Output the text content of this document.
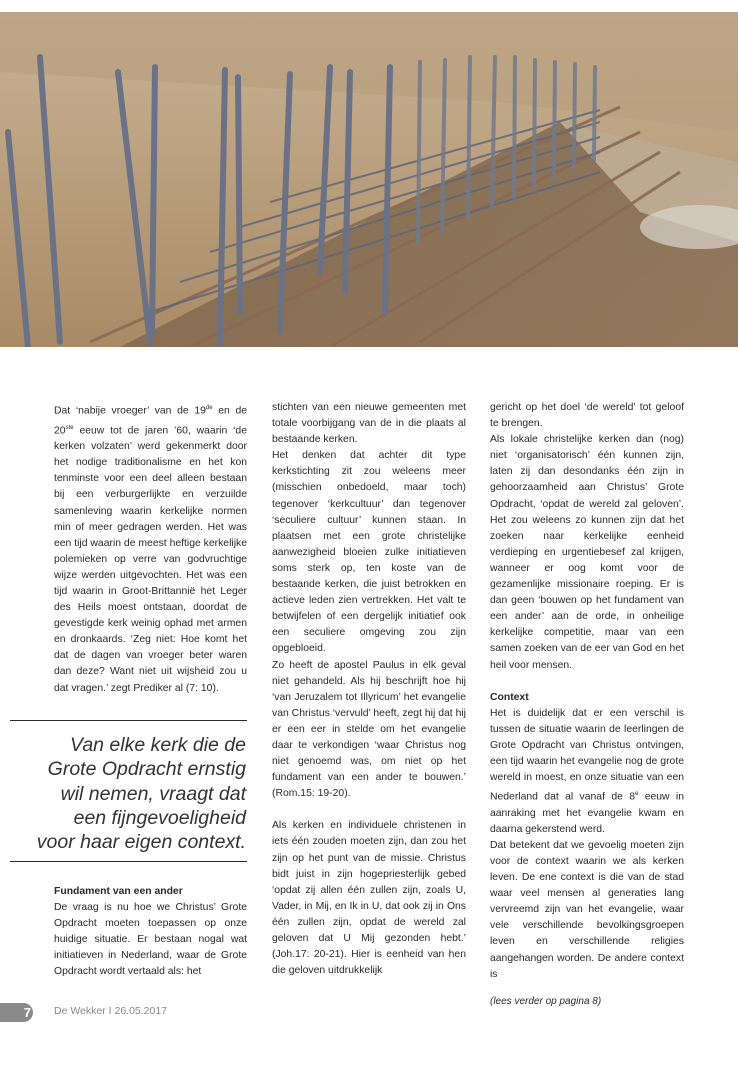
Dat ‘nabije vroeger’ van de 19de en de 20ste eeuw tot de jaren ’60, waarin ‘de kerken volzaten’ werd gekenmerkt door het nodige traditionalisme en het kon tenminste voor een deel alleen bestaan bij een verburgerlijkte en verzuilde samenleving waarin kerkelijke normen min of meer gedragen werden. Het was een tijd waarin de meest heftige kerkelijke polemieken op verre van godvruchtige wijze werden uitgevochten. Het was een tijd waarin in Groot-Brittannië het Leger des Heils moest ontstaan, doordat de gevestigde kerk weinig ophad met armen en dronkaards. ‘Zeg niet: Hoe komt het dat de dagen van vroeger beter waren dan deze? Want niet uit wijsheid zou u dat vragen.’ zegt Prediker al (7: 10).

Van elke kerk die de

Grote Opdracht ernstig

wil nemen, vraagt dat

een fijngevoeligheid

voor haar eigen context.

Fundament van een ander

De vraag is nu hoe we Christus’ Grote Opdracht moeten toepassen op onze huidige situatie. Er bestaan nogal wat initiatieven in Nederland, waar de Grote Opdracht wordt vertaald als: het

stichten van een nieuwe gemeenten met totale voorbijgang van de in die plaats al bestaande kerken.

Het denken dat achter dit type kerkstichting zit zou weleens meer (misschien onbedoeld, maar toch) tegenover ‘kerkcultuur’ dan tegenover ‘seculiere cultuur’ kunnen staan. In plaatsen met een grote christelijke aanwezigheid bloeien zulke initiatieven soms sterk op, ten koste van de bestaande kerken, die juist betrokken en actieve leden zien vertrekken. Het valt te betwijfelen of een dergelijk initiatief ook een seculiere omgeving zou zijn opgebloeid.

Zo heeft de apostel Paulus in elk geval niet gehandeld. Als hij beschrijft hoe hij ‘van Jeruzalem tot Illyricum’ het evangelie van Christus ‘vervuld’ heeft, zegt hij dat hij er een eer in stelde om het evangelie daar te verkondigen ‘waar Christus nog niet genoemd was, om niet op het fundament van een ander te bouwen.’ (Rom.15: 19-20).

Als kerken en individuele christenen in iets één zouden moeten zijn, dan zou het zijn op het punt van de missie. Christus bidt juist in zijn hogepriesterlijk gebed ‘opdat zij allen één zullen zijn, zoals U, Vader, in Mij, en Ik in U, dat ook zij in Ons één zullen zijn, opdat de wereld zal geloven dat U Mij gezonden hebt.’ (Joh.17: 20-21). Hier is eenheid van hen die geloven uitdrukkelijk

gericht op het doel ‘de wereld’ tot geloof te brengen.

Als lokale christelijke kerken dan (nog) niet ‘organisatorisch’ één kunnen zijn, laten zij dan desondanks één zijn in gehoorzaamheid aan Christus’ Grote Opdracht, ‘opdat de wereld zal geloven’. Het zou weleens zo kunnen zijn dat het zoeken naar kerkelijke eenheid verdieping en urgentiebesef zal krijgen, wanneer er oog komt voor de gezamenlijke missionaire roeping. Er is dan geen ‘bouwen op het fundament van een ander’ aan de orde, in onheilige kerkelijke competitie, maar van een samen zoeken van de eer van God en het heil voor mensen.

Context

Het is duidelijk dat er een verschil is tussen de situatie waarin de leerlingen de Grote Opdracht van Christus ontvingen, een tijd waarin het evangelie nog de grote wereld in moest, en onze situatie van een Nederland dat al vanaf de 8e eeuw in aanraking met het evangelie kwam en daarna gekerstend werd.

Dat betekent dat we gevoelig moeten zijn voor de context waarin we als kerken leven. De ene context is die van de stad waar veel mensen al generaties lang vervreemd zijn van het evangelie, waar vele verschillende bevolkingsgroepen leven en verschillende religies aangehangen worden. De andere context is

(lees verder op pagina 8)
7 De Wekker I 26.05.2017
